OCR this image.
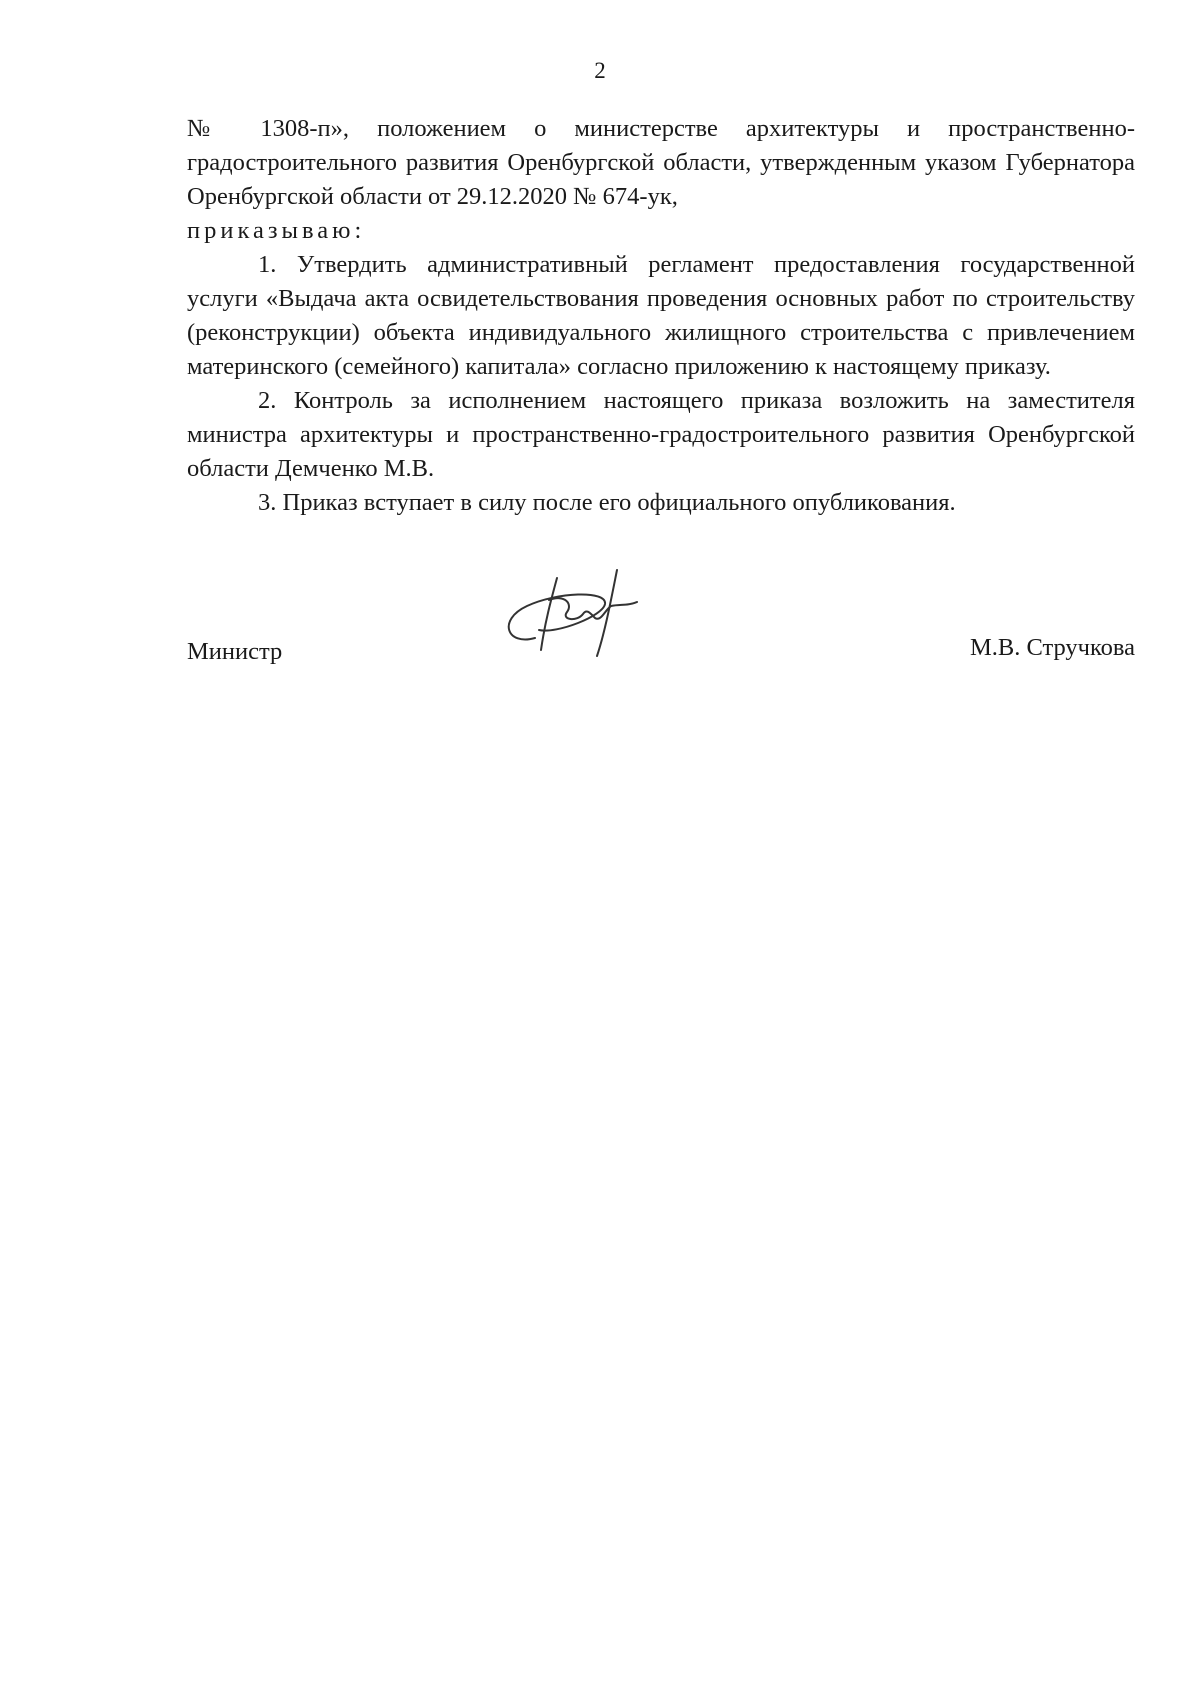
2

№ 1308-п», положением о министерстве архитектуры и пространственно-градостроительного развития Оренбургской области, утвержденным указом Губернатора Оренбургской области от 29.12.2020 № 674-ук,
приказываю:

1. Утвердить административный регламент предоставления государственной услуги «Выдача акта освидетельствования проведения основных работ по строительству (реконструкции) объекта индивидуального жилищного строительства с привлечением материнского (семейного) капитала» согласно приложению к настоящему приказу.

2. Контроль за исполнением настоящего приказа возложить на заместителя министра архитектуры и пространственно-градостроительного развития Оренбургской области Демченко М.В.

3. Приказ вступает в силу после его официального опубликования.

Министр	М.В. Стручкова
